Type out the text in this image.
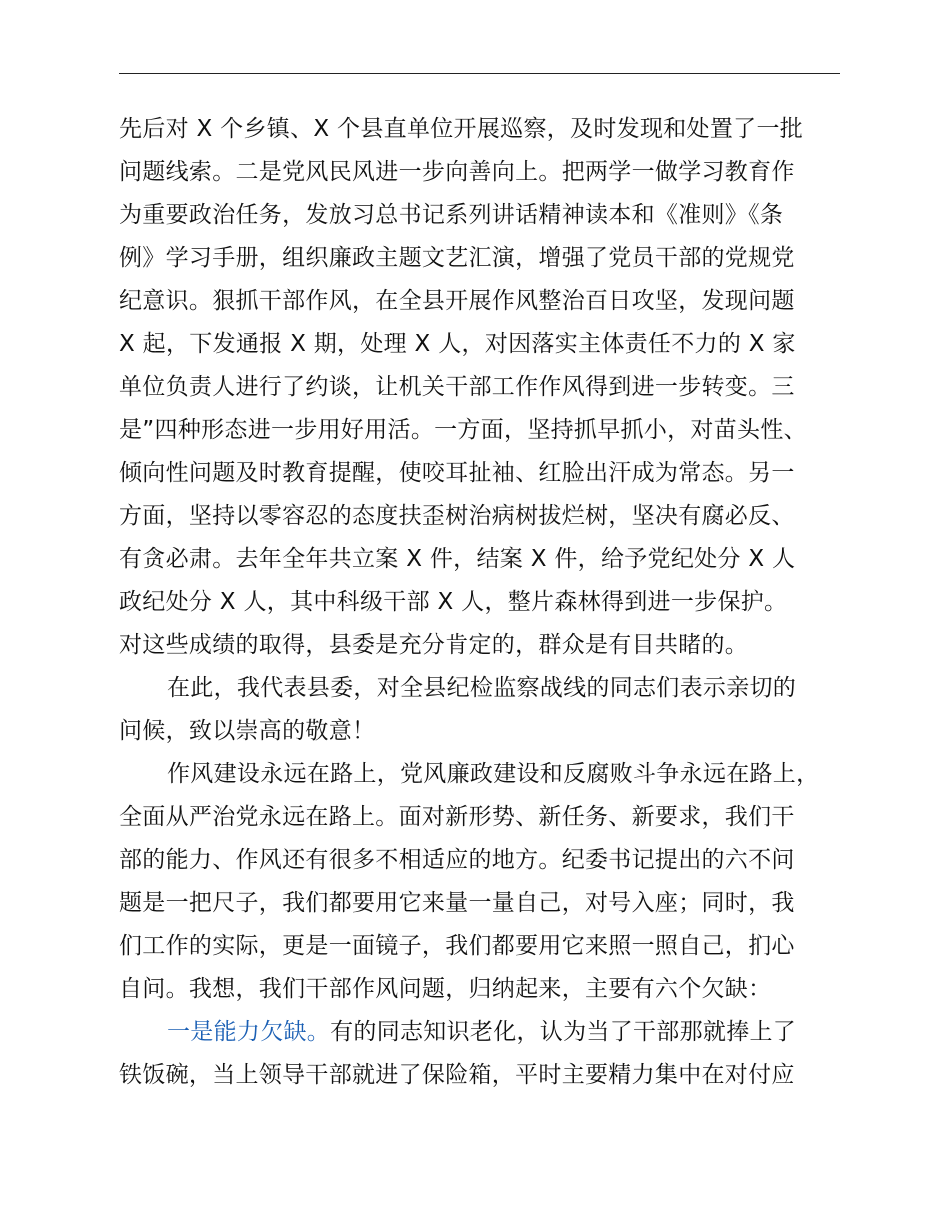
先后对 X 个乡镇、X 个县直单位开展巡察，及时发现和处置了一批
问题线索。二是党风民风进一步向善向上。把两学一做学习教育作
为重要政治任务，发放习总书记系列讲话精神读本和《准则》《条
例》学习手册，组织廉政主题文艺汇演，增强了党员干部的党规党
纪意识。狠抓干部作风，在全县开展作风整治百日攻坚，发现问题
X 起，下发通报 X 期，处理 X 人，对因落实主体责任不力的 X 家
单位负责人进行了约谈，让机关干部工作作风得到进一步转变。三
是”四种形态进一步用好用活。一方面，坚持抓早抓小，对苗头性、
倾向性问题及时教育提醒，使咬耳扯袖、红脸出汗成为常态。另一
方面，坚持以零容忍的态度扶歪树治病树拔烂树，坚决有腐必反、
有贪必肃。去年全年共立案 X 件，结案 X 件，给予党纪处分 X 人
政纪处分 X 人，其中科级干部 X 人，整片森林得到进一步保护。
对这些成绩的取得，县委是充分肯定的，群众是有目共睹的。
在此，我代表县委，对全县纪检监察战线的同志们表示亲切的
问候，致以崇高的敬意！
作风建设永远在路上，党风廉政建设和反腐败斗争永远在路上，
全面从严治党永远在路上。面对新形势、新任务、新要求，我们干
部的能力、作风还有很多不相适应的地方。纪委书记提出的六不问
题是一把尺子，我们都要用它来量一量自己，对号入座；同时，我
们工作的实际，更是一面镜子，我们都要用它来照一照自己，扪心
自问。我想，我们干部作风问题，归纳起来，主要有六个欠缺：
一是能力欠缺。有的同志知识老化，认为当了干部那就捧上了
铁饭碗，当上领导干部就进了保险箱，平时主要精力集中在对付应
